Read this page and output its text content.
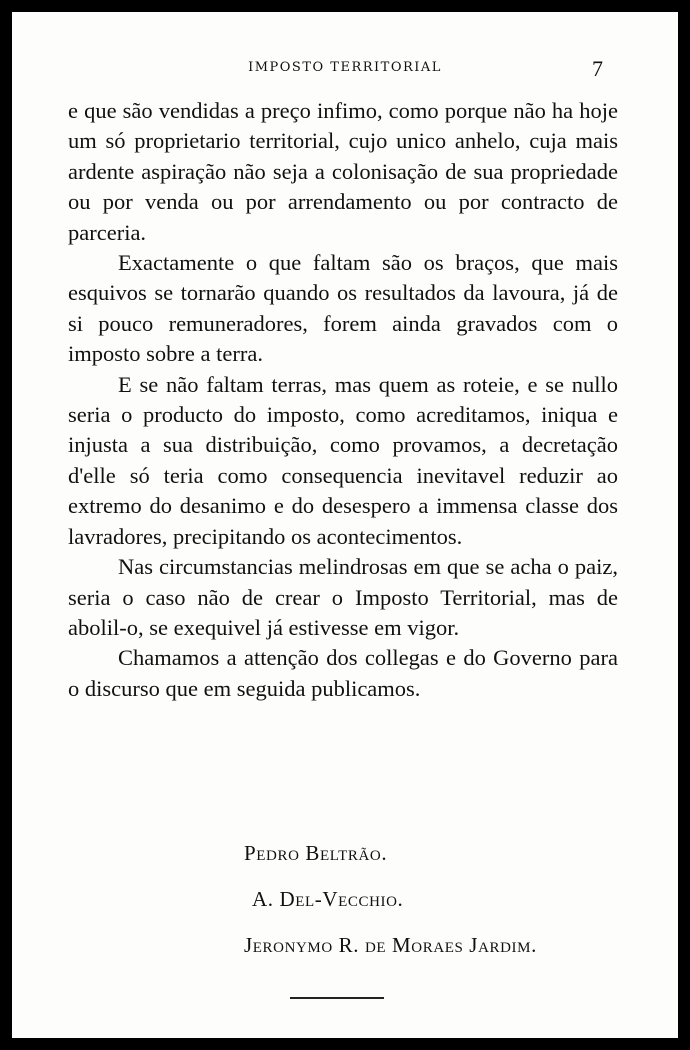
IMPOSTO TERRITORIAL	7

e que são vendidas a preço infimo, como porque não ha hoje um só proprietario territorial, cujo unico anhelo, cuja mais ardente aspiração não seja a colonisação de sua propriedade ou por venda ou por arrendamento ou por contracto de parceria.

Exactamente o que faltam são os braços, que mais esquivos se tornarão quando os resultados da lavoura, já de si pouco remuneradores, forem ainda gravados com o imposto sobre a terra.

E se não faltam terras, mas quem as roteie, e se nullo seria o producto do imposto, como acreditamos, iniqua e injusta a sua distribuição, como provamos, a decretação d'elle só teria como consequencia inevitavel reduzir ao extremo do desanimo e do desespero a immensa classe dos lavradores, precipitando os acontecimentos.

Nas circumstancias melindrosas em que se acha o paiz, seria o caso não de crear o Imposto Territorial, mas de abolil-o, se exequivel já estivesse em vigor.

Chamamos a attenção dos collegas e do Governo para o discurso que em seguida publicamos.

Pedro Beltrão.
A. Del-Vecchio.
Jeronymo R. de Moraes Jardim.
